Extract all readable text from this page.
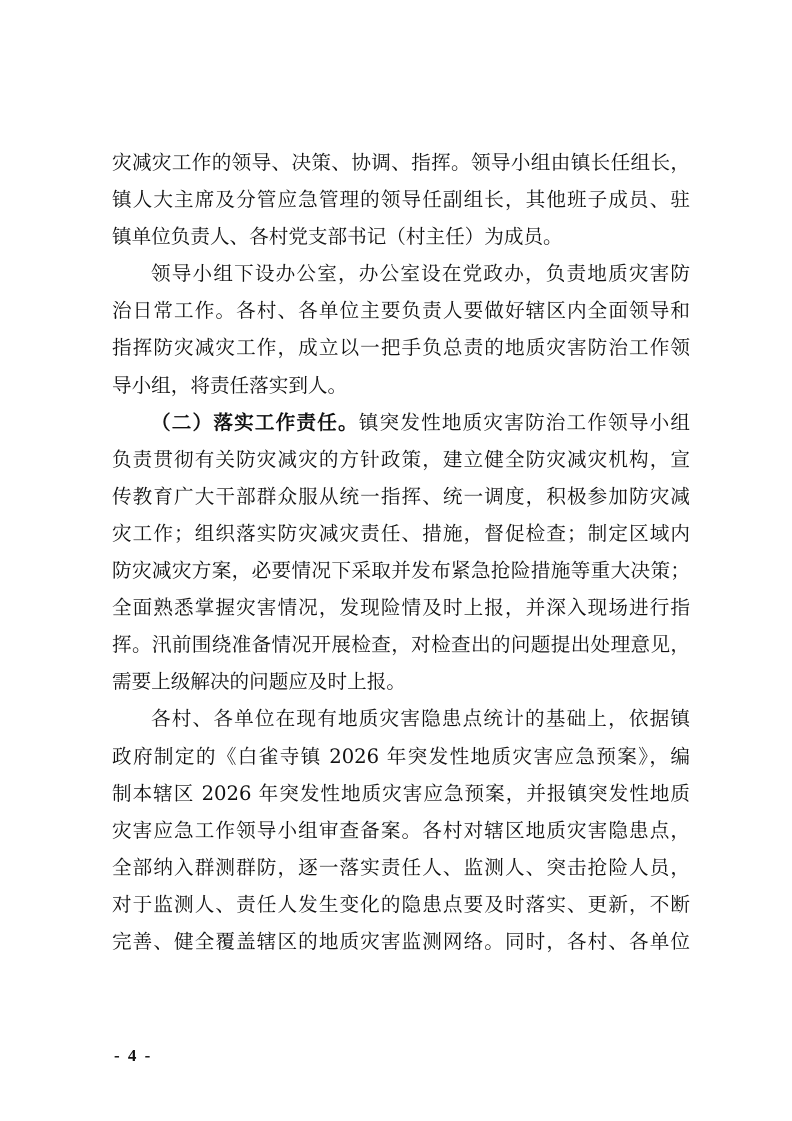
灾减灾工作的领导、决策、协调、指挥。领导小组由镇长任组长，
镇人大主席及分管应急管理的领导任副组长，其他班子成员、驻
镇单位负责人、各村党支部书记（村主任）为成员。
领导小组下设办公室，办公室设在党政办，负责地质灾害防
治日常工作。各村、各单位主要负责人要做好辖区内全面领导和
指挥防灾减灾工作，成立以一把手负总责的地质灾害防治工作领
导小组，将责任落实到人。
（二）落实工作责任。镇突发性地质灾害防治工作领导小组
负责贯彻有关防灾减灾的方针政策，建立健全防灾减灾机构，宣
传教育广大干部群众服从统一指挥、统一调度，积极参加防灾减
灾工作；组织落实防灾减灾责任、措施，督促检查；制定区域内
防灾减灾方案，必要情况下采取并发布紧急抢险措施等重大决策；
全面熟悉掌握灾害情况，发现险情及时上报，并深入现场进行指
挥。汛前围绕准备情况开展检查，对检查出的问题提出处理意见，
需要上级解决的问题应及时上报。
各村、各单位在现有地质灾害隐患点统计的基础上，依据镇
政府制定的《白雀寺镇 2026 年突发性地质灾害应急预案》，编
制本辖区 2026 年突发性地质灾害应急预案，并报镇突发性地质
灾害应急工作领导小组审查备案。各村对辖区地质灾害隐患点，
全部纳入群测群防，逐一落实责任人、监测人、突击抢险人员，
对于监测人、责任人发生变化的隐患点要及时落实、更新，不断
完善、健全覆盖辖区的地质灾害监测网络。同时，各村、各单位
- 4 -
